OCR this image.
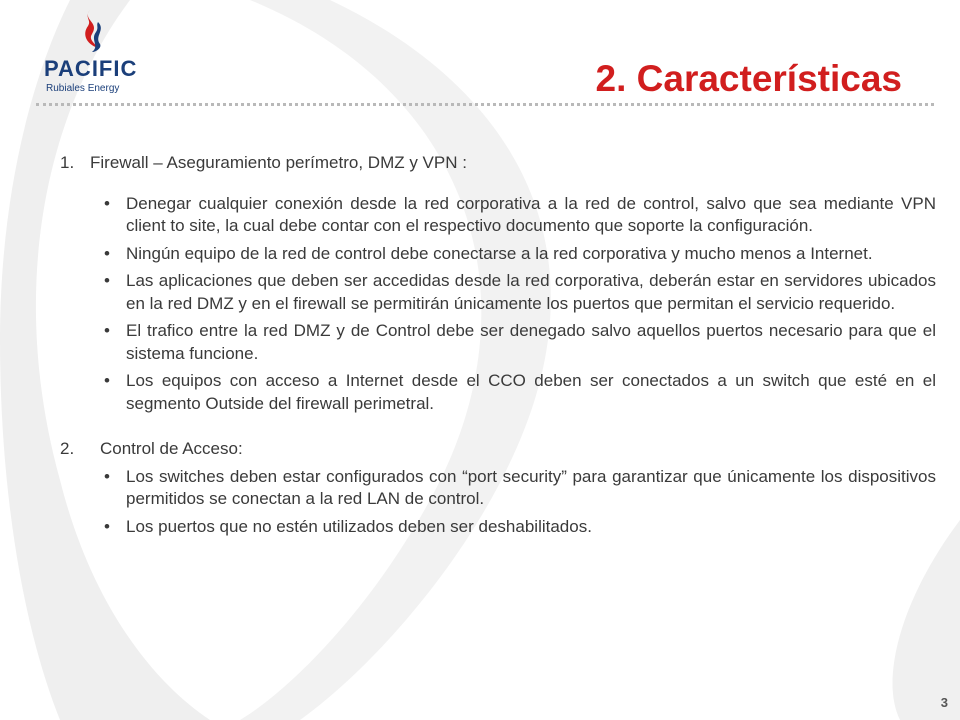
PACIFIC
Rubiales Energy	2. Características
1. Firewall – Aseguramiento perímetro, DMZ y VPN :
• Denegar cualquier conexión desde la red corporativa a la red de control, salvo que sea mediante VPN client to site, la cual debe contar con el respectivo documento que soporte la configuración.
• Ningún equipo de la red de control debe conectarse a la red corporativa y mucho menos a Internet.
• Las aplicaciones que deben ser accedidas desde la red corporativa, deberán estar en servidores ubicados en la red DMZ y en el firewall se permitirán únicamente los puertos que permitan el servicio requerido.
• El trafico entre la red DMZ y de Control debe ser denegado salvo aquellos puertos necesario para que el sistema funcione.
• Los equipos con acceso a Internet desde el CCO deben ser conectados a un switch que esté en el segmento Outside del firewall perimetral.
2.	Control de Acceso:
• Los switches deben estar configurados con “port security” para garantizar que únicamente los dispositivos permitidos se conectan a la red LAN de control.
• Los puertos que no estén utilizados deben ser deshabilitados.
3
